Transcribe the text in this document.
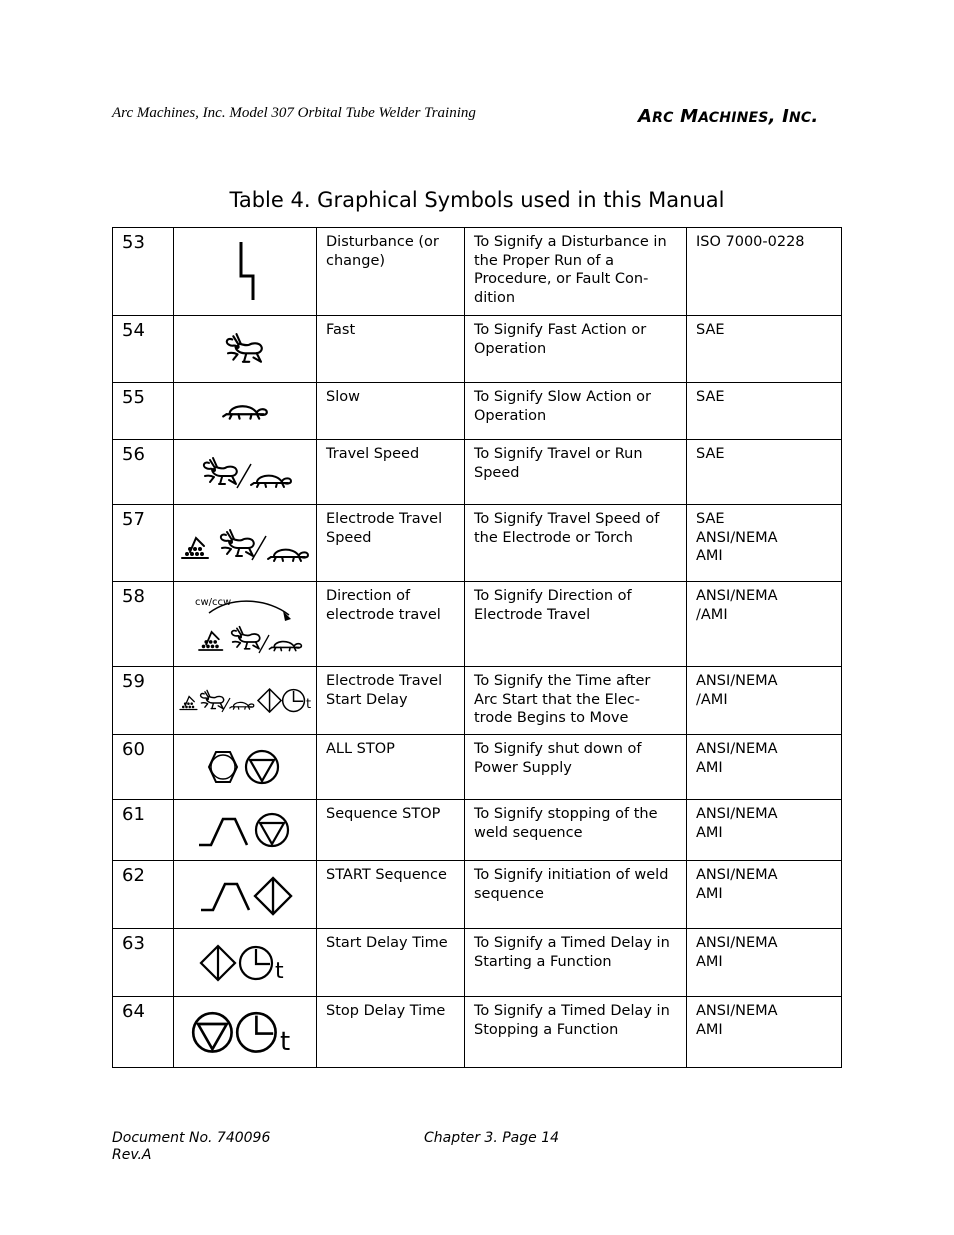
Arc Machines, Inc. Model 307 Orbital Tube Welder Training	ARC MACHINES, INC.
Table 4. Graphical Symbols used in this Manual
53		Disturbance (or change)	To Signify a Disturbance in the Proper Run of a Procedure, or Fault Con-dition	ISO 7000-0228
54		Fast	To Signify Fast Action or Operation	SAE
55		Slow	To Signify Slow Action or Operation	SAE
56		Travel Speed	To Signify Travel or Run Speed	SAE
57		Electrode Travel Speed	To Signify Travel Speed of the Electrode or Torch	SAE
ANSI/NEMA
AMI
58	cw/ccw	Direction of electrode travel	To Signify Direction of Electrode Travel	ANSI/NEMA
/AMI
59	t	Electrode Travel Start Delay	To Signify the Time after Arc Start that the Elec-trode Begins to Move	ANSI/NEMA
/AMI
60		ALL STOP	To Signify shut down of Power Supply	ANSI/NEMA
AMI
61		Sequence STOP	To Signify stopping of the weld sequence	ANSI/NEMA
AMI
62		START Sequence	To Signify initiation of weld sequence	ANSI/NEMA
AMI
63	t	Start Delay Time	To Signify a Timed Delay in Starting a Function	ANSI/NEMA
AMI
64	t	Stop Delay Time	To Signify a Timed Delay in Stopping a Function	ANSI/NEMA
AMI
Document No. 740096
Rev.A
Chapter 3. Page 14
